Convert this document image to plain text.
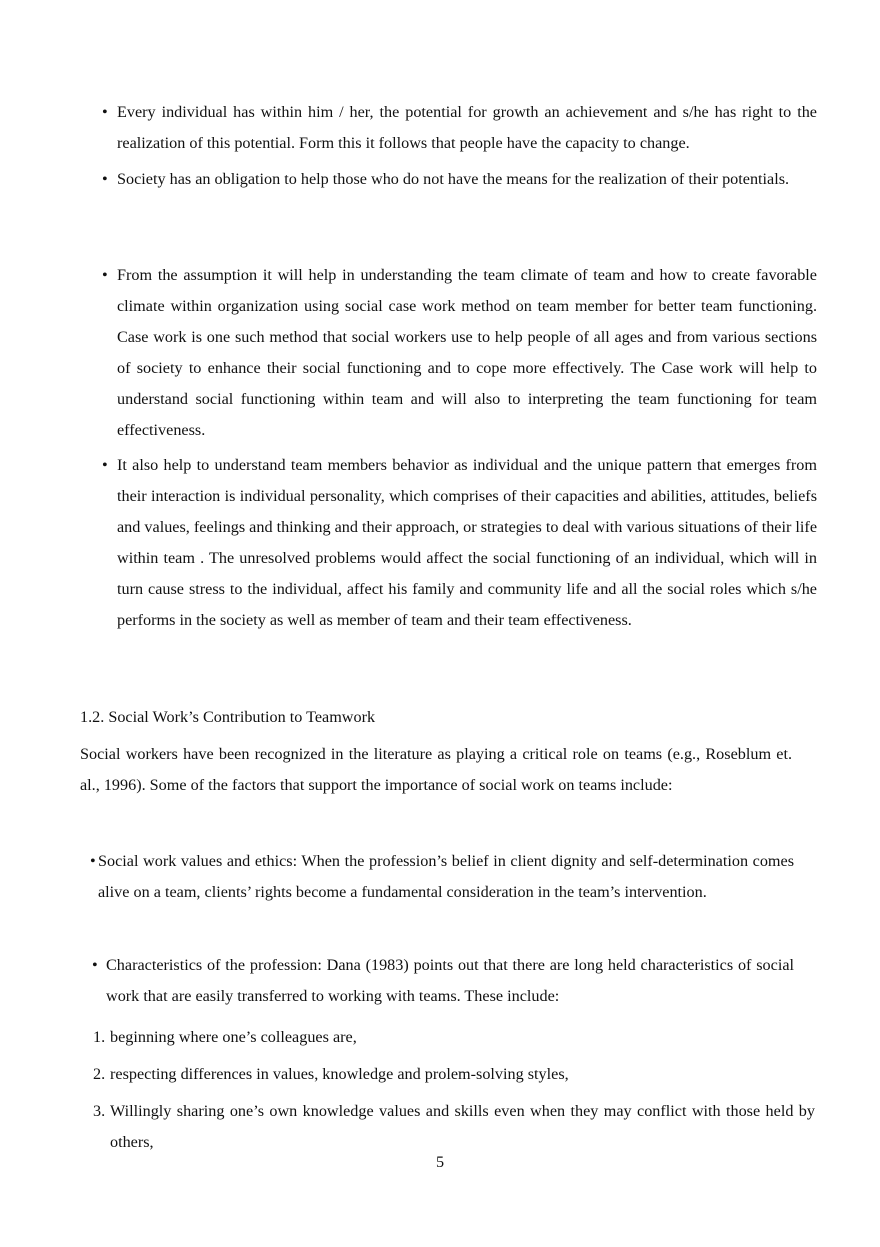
• Every individual has within him / her, the potential for growth an achievement and s/he has right to the realization of this potential. Form this it follows that people have the capacity to change.

• Society has an obligation to help those who do not have the means for the realization of their potentials.

• From the assumption it will help in understanding the team climate of team and how to create favorable climate within organization using social case work method on team member for better team functioning. Case work is one such method that social workers use to help people of all ages and from various sections of society to enhance their social functioning and to cope more effectively. The Case work will help to understand social functioning within team and will also to interpreting the team functioning for team effectiveness.

• It also help to understand team members behavior as individual and the unique pattern that emerges from their interaction is individual personality, which comprises of their capacities and abilities, attitudes, beliefs and values, feelings and thinking and their approach, or strategies to deal with various situations of their life within team . The unresolved problems would affect the social functioning of an individual, which will in turn cause stress to the individual, affect his family and community life and all the social roles which s/he performs in the society as well as member of team and their team effectiveness.

1.2. Social Work’s Contribution to Teamwork

Social workers have been recognized in the literature as playing a critical role on teams (e.g., Roseblum et. al., 1996). Some of the factors that support the importance of social work on teams include:

• Social work values and ethics: When the profession’s belief in client dignity and self-determination comes alive on a team, clients’ rights become a fundamental consideration in the team’s intervention.

• Characteristics of the profession: Dana (1983) points out that there are long held characteristics of social work that are easily transferred to working with teams. These include:

1. beginning where one’s colleagues are,

2. respecting differences in values, knowledge and prolem-solving styles,

3. Willingly sharing one’s own knowledge values and skills even when they may conflict with those held by others,

5
